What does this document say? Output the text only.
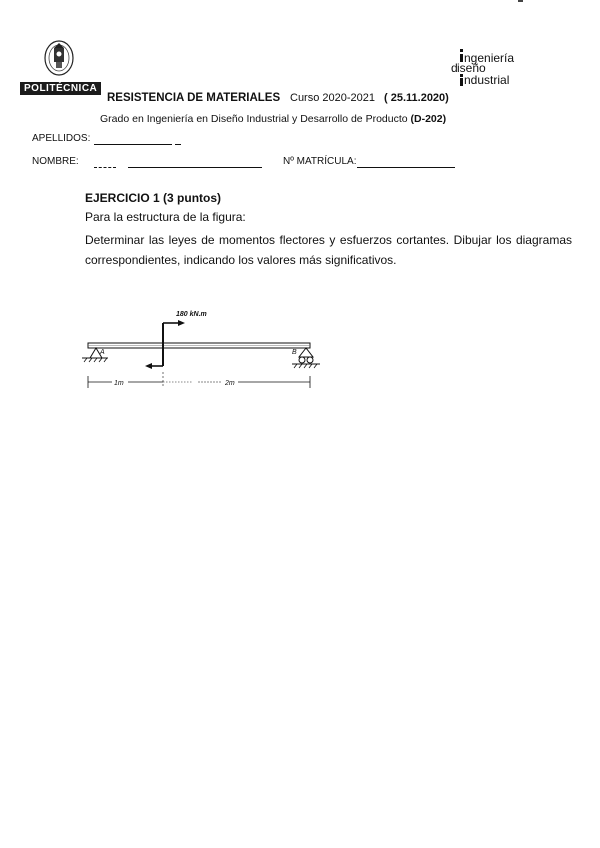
POLITÉCNICA
d
ngeniería
iseño
ndustrial
RESISTENCIA DE MATERIALES Curso 2020-2021 ( 25.11.2020)
Grado en Ingeniería en Diseño Industrial y Desarrollo de Producto (D-202)
APELLIDOS:
NOMBRE:	Nº MATRÍCULA:
EJERCICIO 1 (3 puntos)
Para la estructura de la figura:
Determinar las leyes de momentos flectores y esfuerzos cortantes. Dibujar los diagramas correspondientes, indicando los valores más significativos.
A	B
180 kN.m
1m	2m
